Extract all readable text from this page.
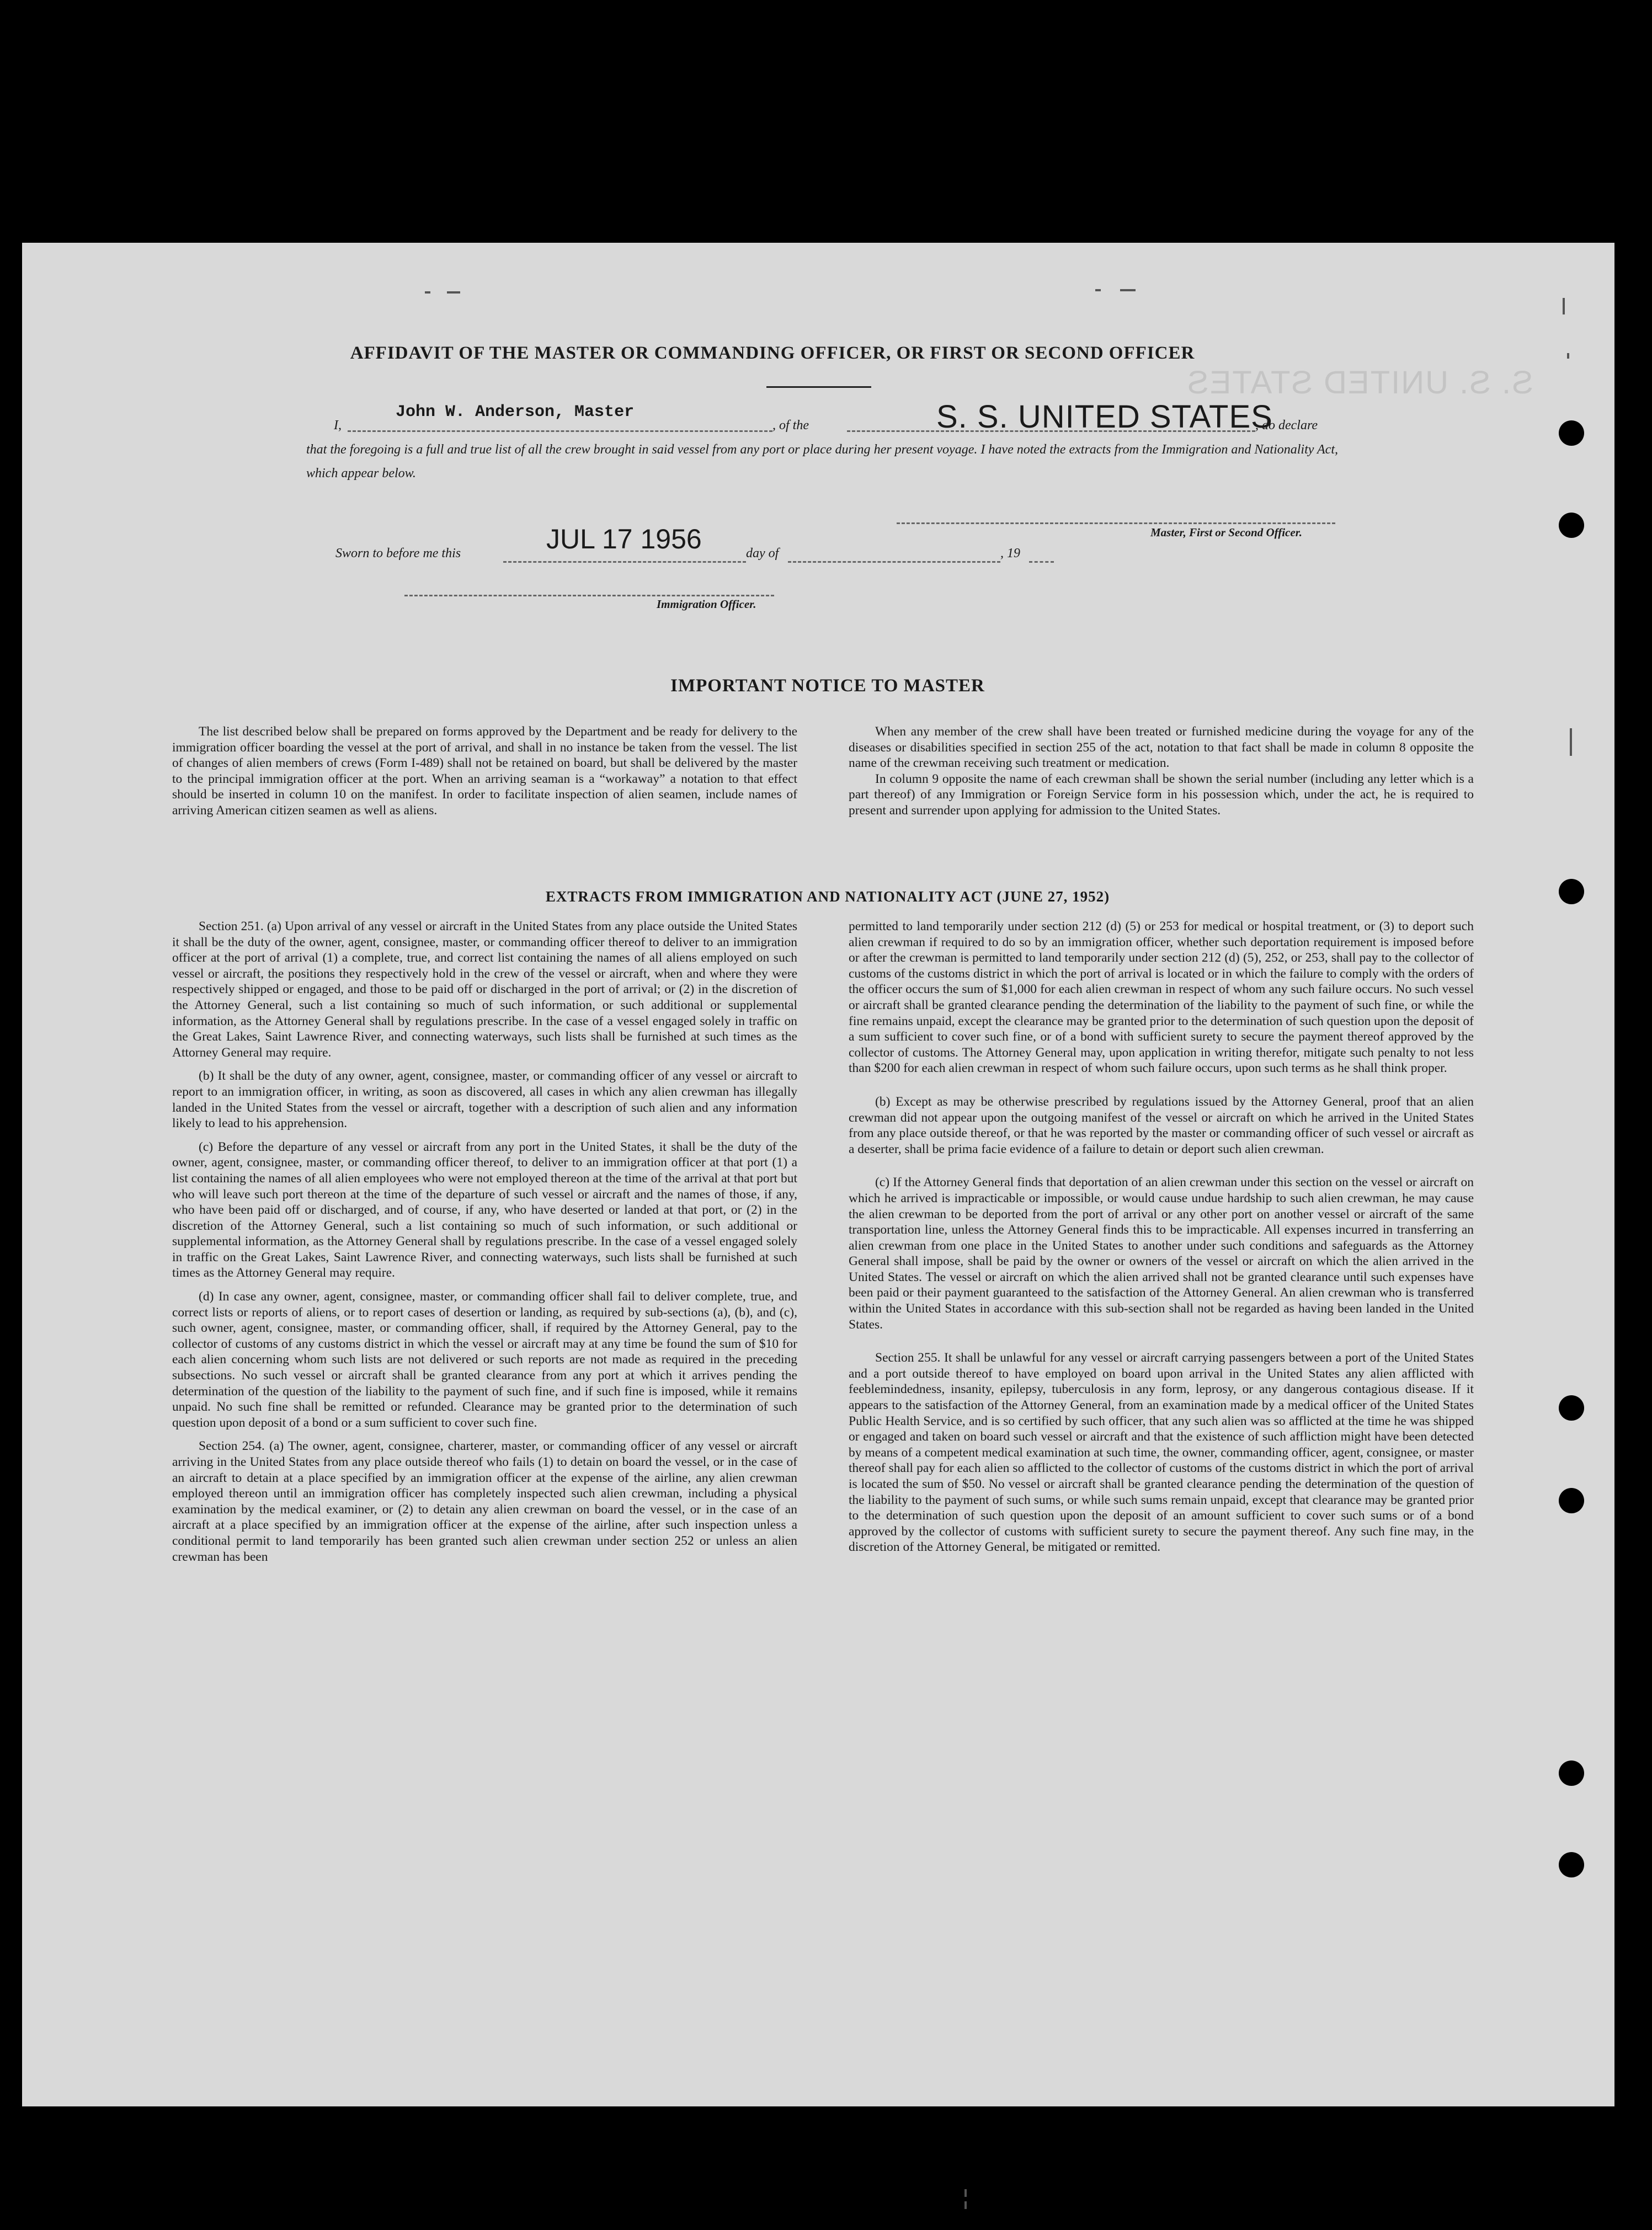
S. S. UNITED STATES
AFFIDAVIT OF THE MASTER OR COMMANDING OFFICER, OR FIRST OR SECOND OFFICER
I,
John W. Anderson, Master
, of the	S. S. UNITED STATES
, do declare
that the foregoing is a full and true list of all the crew brought in said vessel from any port or place during her present voyage. I have noted the extracts from the Immigration and Nationality Act, which appear below.
Master, First or Second Officer.
Sworn to before me this	JUL 17 1956	day of	, 19
Immigration Officer.
IMPORTANT NOTICE TO MASTER

The list described below shall be prepared on forms approved by the Department and be ready for delivery to the immigration officer boarding the vessel at the port of arrival, and shall in no instance be taken from the vessel. The list of changes of alien members of crews (Form I-489) shall not be retained on board, but shall be delivered by the master to the principal immigration officer at the port. When an arriving seaman is a “workaway” a notation to that effect should be inserted in column 10 on the manifest. In order to facilitate inspection of alien seamen, include names of arriving American citizen seamen as well as aliens.

When any member of the crew shall have been treated or furnished medicine during the voyage for any of the diseases or disabilities specified in section 255 of the act, notation to that fact shall be made in column 8 opposite the name of the crewman receiving such treatment or medication.

In column 9 opposite the name of each crewman shall be shown the serial number (including any letter which is a part thereof) of any Immigration or Foreign Service form in his possession which, under the act, he is required to present and surrender upon applying for admission to the United States.

EXTRACTS FROM IMMIGRATION AND NATIONALITY ACT (JUNE 27, 1952)

Section 251. (a) Upon arrival of any vessel or aircraft in the United States from any place outside the United States it shall be the duty of the owner, agent, consignee, master, or commanding officer thereof to deliver to an immigration officer at the port of arrival (1) a complete, true, and correct list containing the names of all aliens employed on such vessel or aircraft, the positions they respectively hold in the crew of the vessel or aircraft, when and where they were respectively shipped or engaged, and those to be paid off or discharged in the port of arrival; or (2) in the discretion of the Attorney General, such a list containing so much of such information, or such additional or supplemental information, as the Attorney General shall by regulations prescribe. In the case of a vessel engaged solely in traffic on the Great Lakes, Saint Lawrence River, and connecting waterways, such lists shall be furnished at such times as the Attorney General may require.

(b) It shall be the duty of any owner, agent, consignee, master, or commanding officer of any vessel or aircraft to report to an immigration officer, in writing, as soon as discovered, all cases in which any alien crewman has illegally landed in the United States from the vessel or aircraft, together with a description of such alien and any information likely to lead to his apprehension.

(c) Before the departure of any vessel or aircraft from any port in the United States, it shall be the duty of the owner, agent, consignee, master, or commanding officer thereof, to deliver to an immigration officer at that port (1) a list containing the names of all alien employees who were not employed thereon at the time of the arrival at that port but who will leave such port thereon at the time of the departure of such vessel or aircraft and the names of those, if any, who have been paid off or discharged, and of course, if any, who have deserted or landed at that port, or (2) in the discretion of the Attorney General, such a list containing so much of such information, or such additional or supplemental information, as the Attorney General shall by regulations prescribe. In the case of a vessel engaged solely in traffic on the Great Lakes, Saint Lawrence River, and connecting waterways, such lists shall be furnished at such times as the Attorney General may require.

(d) In case any owner, agent, consignee, master, or commanding officer shall fail to deliver complete, true, and correct lists or reports of aliens, or to report cases of desertion or landing, as required by sub-sections (a), (b), and (c), such owner, agent, consignee, master, or commanding officer, shall, if required by the Attorney General, pay to the collector of customs of any customs district in which the vessel or aircraft may at any time be found the sum of $10 for each alien concerning whom such lists are not delivered or such reports are not made as required in the preceding subsections. No such vessel or aircraft shall be granted clearance from any port at which it arrives pending the determination of the question of the liability to the payment of such fine, and if such fine is imposed, while it remains unpaid. No such fine shall be remitted or refunded. Clearance may be granted prior to the determination of such question upon deposit of a bond or a sum sufficient to cover such fine.

Section 254. (a) The owner, agent, consignee, charterer, master, or commanding officer of any vessel or aircraft arriving in the United States from any place outside thereof who fails (1) to detain on board the vessel, or in the case of an aircraft to detain at a place specified by an immigration officer at the expense of the airline, any alien crewman employed thereon until an immigration officer has completely inspected such alien crewman, including a physical examination by the medical examiner, or (2) to detain any alien crewman on board the vessel, or in the case of an aircraft at a place specified by an immigration officer at the expense of the airline, after such inspection unless a conditional permit to land temporarily has been granted such alien crewman under section 252 or unless an alien crewman has been

permitted to land temporarily under section 212 (d) (5) or 253 for medical or hospital treatment, or (3) to deport such alien crewman if required to do so by an immigration officer, whether such deportation requirement is imposed before or after the crewman is permitted to land temporarily under section 212 (d) (5), 252, or 253, shall pay to the collector of customs of the customs district in which the port of arrival is located or in which the failure to comply with the orders of the officer occurs the sum of $1,000 for each alien crewman in respect of whom any such failure occurs. No such vessel or aircraft shall be granted clearance pending the determination of the liability to the payment of such fine, or while the fine remains unpaid, except the clearance may be granted prior to the determination of such question upon the deposit of a sum sufficient to cover such fine, or of a bond with sufficient surety to secure the payment thereof approved by the collector of customs. The Attorney General may, upon application in writing therefor, mitigate such penalty to not less than $200 for each alien crewman in respect of whom such failure occurs, upon such terms as he shall think proper.

(b) Except as may be otherwise prescribed by regulations issued by the Attorney General, proof that an alien crewman did not appear upon the outgoing manifest of the vessel or aircraft on which he arrived in the United States from any place outside thereof, or that he was reported by the master or commanding officer of such vessel or aircraft as a deserter, shall be prima facie evidence of a failure to detain or deport such alien crewman.

(c) If the Attorney General finds that deportation of an alien crewman under this section on the vessel or aircraft on which he arrived is impracticable or impossible, or would cause undue hardship to such alien crewman, he may cause the alien crewman to be deported from the port of arrival or any other port on another vessel or aircraft of the same transportation line, unless the Attorney General finds this to be impracticable. All expenses incurred in transferring an alien crewman from one place in the United States to another under such conditions and safeguards as the Attorney General shall impose, shall be paid by the owner or owners of the vessel or aircraft on which the alien arrived in the United States. The vessel or aircraft on which the alien arrived shall not be granted clearance until such expenses have been paid or their payment guaranteed to the satisfaction of the Attorney General. An alien crewman who is transferred within the United States in accordance with this sub-section shall not be regarded as having been landed in the United States.

Section 255. It shall be unlawful for any vessel or aircraft carrying passengers between a port of the United States and a port outside thereof to have employed on board upon arrival in the United States any alien afflicted with feeblemindedness, insanity, epilepsy, tuberculosis in any form, leprosy, or any dangerous contagious disease. If it appears to the satisfaction of the Attorney General, from an examination made by a medical officer of the United States Public Health Service, and is so certified by such officer, that any such alien was so afflicted at the time he was shipped or engaged and taken on board such vessel or aircraft and that the existence of such affliction might have been detected by means of a competent medical examination at such time, the owner, commanding officer, agent, consignee, or master thereof shall pay for each alien so afflicted to the collector of customs of the customs district in which the port of arrival is located the sum of $50. No vessel or aircraft shall be granted clearance pending the determination of the question of the liability to the payment of such sums, or while such sums remain unpaid, except that clearance may be granted prior to the determination of such question upon the deposit of an amount sufficient to cover such sums or of a bond approved by the collector of customs with sufficient surety to secure the payment thereof. Any such fine may, in the discretion of the Attorney General, be mitigated or remitted.
